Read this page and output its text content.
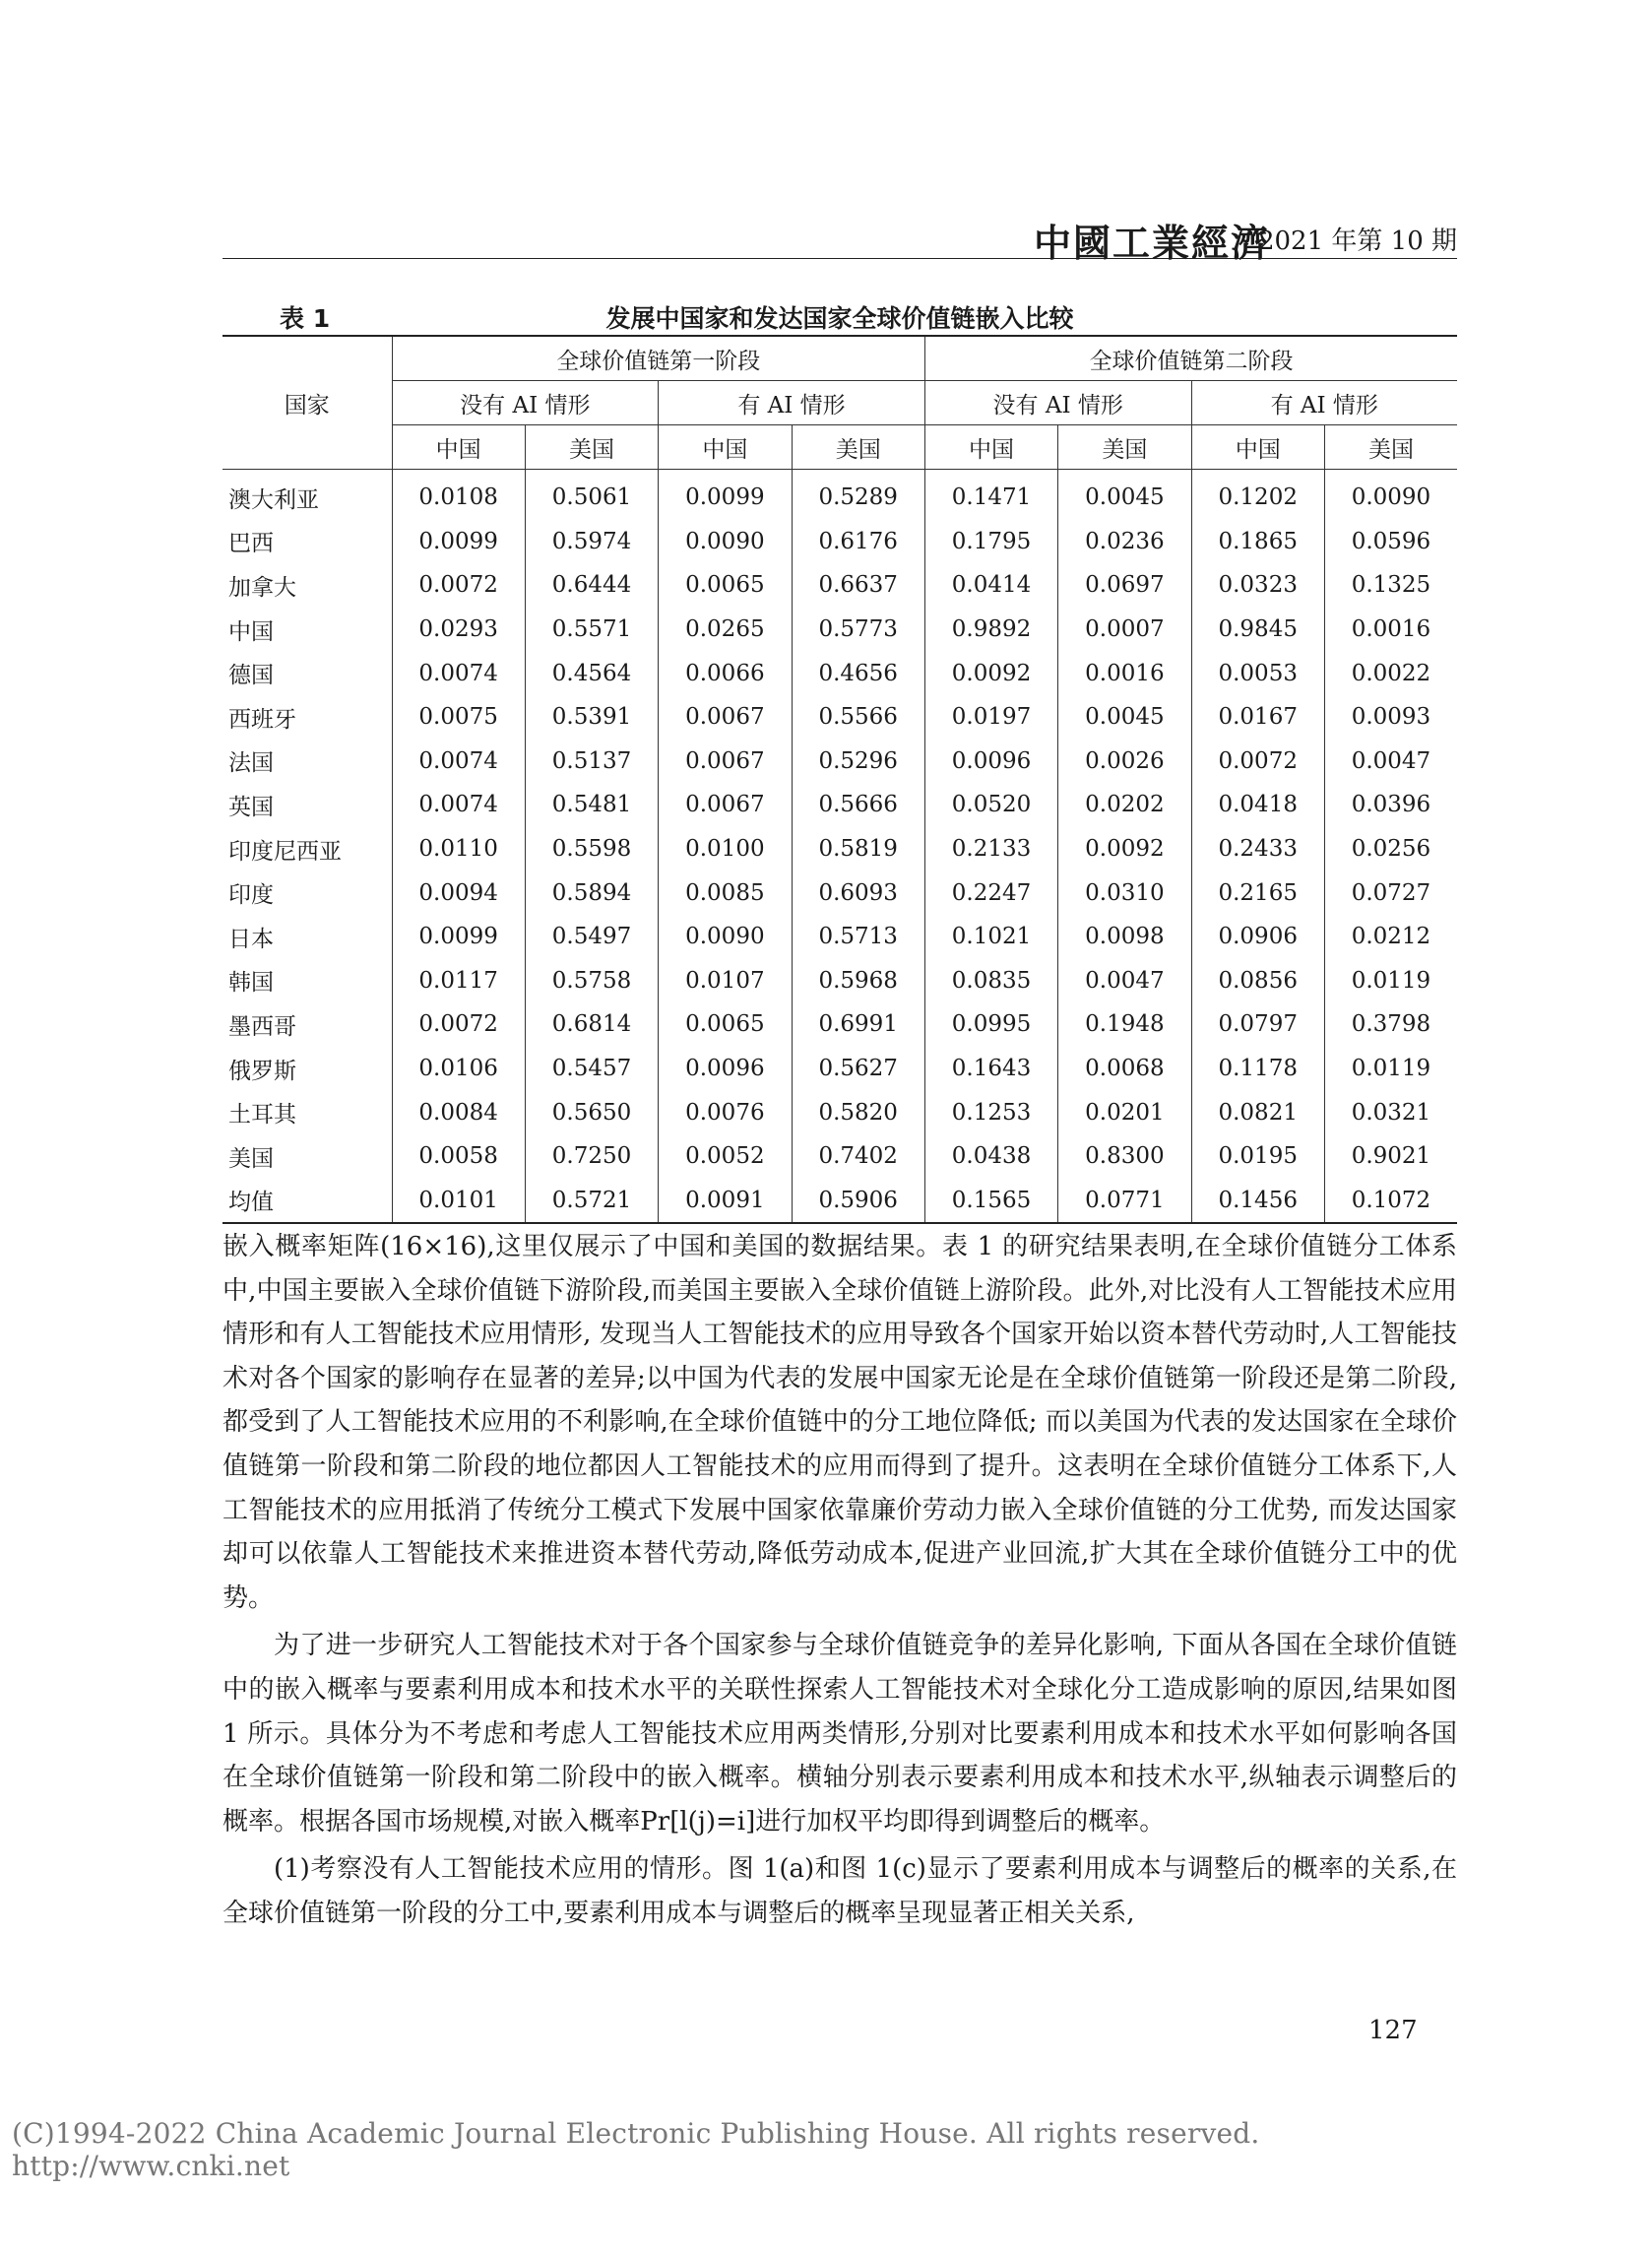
中國工業經濟
2021 年第 10 期
表 1	发展中国家和发达国家全球价值链嵌入比较
国家	全球价值链第一阶段				全球价值链第二阶段			
	没有 AI 情形		有 AI 情形		没有 AI 情形		有 AI 情形	
	中国	美国	中国	美国	中国	美国	中国	美国
澳大利亚	0.0108	0.5061	0.0099	0.5289	0.1471	0.0045	0.1202	0.0090
巴西	0.0099	0.5974	0.0090	0.6176	0.1795	0.0236	0.1865	0.0596
加拿大	0.0072	0.6444	0.0065	0.6637	0.0414	0.0697	0.0323	0.1325
中国	0.0293	0.5571	0.0265	0.5773	0.9892	0.0007	0.9845	0.0016
德国	0.0074	0.4564	0.0066	0.4656	0.0092	0.0016	0.0053	0.0022
西班牙	0.0075	0.5391	0.0067	0.5566	0.0197	0.0045	0.0167	0.0093
法国	0.0074	0.5137	0.0067	0.5296	0.0096	0.0026	0.0072	0.0047
英国	0.0074	0.5481	0.0067	0.5666	0.0520	0.0202	0.0418	0.0396
印度尼西亚	0.0110	0.5598	0.0100	0.5819	0.2133	0.0092	0.2433	0.0256
印度	0.0094	0.5894	0.0085	0.6093	0.2247	0.0310	0.2165	0.0727
日本	0.0099	0.5497	0.0090	0.5713	0.1021	0.0098	0.0906	0.0212
韩国	0.0117	0.5758	0.0107	0.5968	0.0835	0.0047	0.0856	0.0119
墨西哥	0.0072	0.6814	0.0065	0.6991	0.0995	0.1948	0.0797	0.3798
俄罗斯	0.0106	0.5457	0.0096	0.5627	0.1643	0.0068	0.1178	0.0119
土耳其	0.0084	0.5650	0.0076	0.5820	0.1253	0.0201	0.0821	0.0321
美国	0.0058	0.7250	0.0052	0.7402	0.0438	0.8300	0.0195	0.9021
均值	0.0101	0.5721	0.0091	0.5906	0.1565	0.0771	0.1456	0.1072

嵌入概率矩阵(16×16),这里仅展示了中国和美国的数据结果。表 1 的研究结果表明,在全球价值链分工体系中,中国主要嵌入全球价值链下游阶段,而美国主要嵌入全球价值链上游阶段。此外,对比没有人工智能技术应用情形和有人工智能技术应用情形, 发现当人工智能技术的应用导致各个国家开始以资本替代劳动时,人工智能技术对各个国家的影响存在显著的差异;以中国为代表的发展中国家无论是在全球价值链第一阶段还是第二阶段,都受到了人工智能技术应用的不利影响,在全球价值链中的分工地位降低; 而以美国为代表的发达国家在全球价值链第一阶段和第二阶段的地位都因人工智能技术的应用而得到了提升。这表明在全球价值链分工体系下,人工智能技术的应用抵消了传统分工模式下发展中国家依靠廉价劳动力嵌入全球价值链的分工优势, 而发达国家却可以依靠人工智能技术来推进资本替代劳动,降低劳动成本,促进产业回流,扩大其在全球价值链分工中的优势。

为了进一步研究人工智能技术对于各个国家参与全球价值链竞争的差异化影响, 下面从各国在全球价值链中的嵌入概率与要素利用成本和技术水平的关联性探索人工智能技术对全球化分工造成影响的原因,结果如图 1 所示。具体分为不考虑和考虑人工智能技术应用两类情形,分别对比要素利用成本和技术水平如何影响各国在全球价值链第一阶段和第二阶段中的嵌入概率。横轴分别表示要素利用成本和技术水平,纵轴表示调整后的概率。根据各国市场规模,对嵌入概率Pr[l(j)=i]进行加权平均即得到调整后的概率。

(1)考察没有人工智能技术应用的情形。图 1(a)和图 1(c)显示了要素利用成本与调整后的概率的关系,在全球价值链第一阶段的分工中,要素利用成本与调整后的概率呈现显著正相关关系,

127
(C)1994-2022 China Academic Journal Electronic Publishing House. All rights reserved. http://www.cnki.net
